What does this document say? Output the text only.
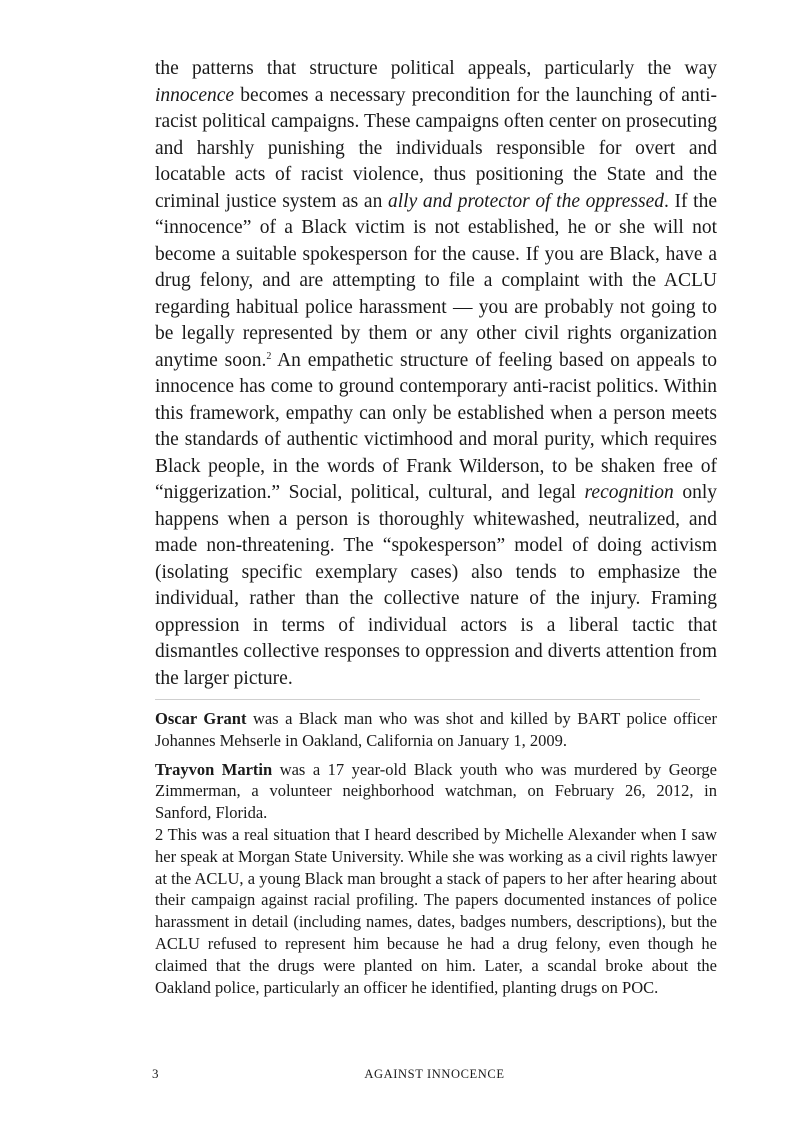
the patterns that structure political appeals, particularly the way innocence becomes a necessary precondition for the launching of anti-racist political campaigns. These campaigns often center on prosecuting and harshly punishing the individuals responsible for overt and locatable acts of racist violence, thus positioning the State and the criminal justice system as an ally and protector of the oppressed. If the “innocence” of a Black victim is not established, he or she will not become a suitable spokesperson for the cause. If you are Black, have a drug felony, and are attempting to file a complaint with the ACLU regarding habitual police harassment — you are probably not going to be legally represented by them or any other civil rights organization anytime soon.$^2$ An empathetic structure of feeling based on appeals to innocence has come to ground contemporary anti-racist politics. Within this framework, empathy can only be established when a person meets the standards of authentic victimhood and moral purity, which requires Black people, in the words of Frank Wilderson, to be shaken free of “niggerization.” Social, political, cultural, and legal recognition only happens when a person is thoroughly whitewashed, neutralized, and made non-threatening. The “spokesperson” model of doing activism (isolating specific exemplary cases) also tends to emphasize the individual, rather than the collective nature of the injury. Framing oppression in terms of individual actors is a liberal tactic that dismantles collective responses to oppression and diverts attention from the larger picture.

Oscar Grant was a Black man who was shot and killed by BART police officer Johannes Mehserle in Oakland, California on January 1, 2009.

Trayvon Martin was a 17 year-old Black youth who was murdered by George Zimmerman, a volunteer neighborhood watchman, on February 26, 2012, in Sanford, Florida.

2 This was a real situation that I heard described by Michelle Alexander when I saw her speak at Morgan State University. While she was working as a civil rights lawyer at the ACLU, a young Black man brought a stack of papers to her after hearing about their campaign against racial profiling. The papers documented instances of police harassment in detail (including names, dates, badges numbers, descriptions), but the ACLU refused to represent him because he had a drug felony, even though he claimed that the drugs were planted on him. Later, a scandal broke about the Oakland police, particularly an officer he identified, planting drugs on POC.

3	AGAINST INNOCENCE
